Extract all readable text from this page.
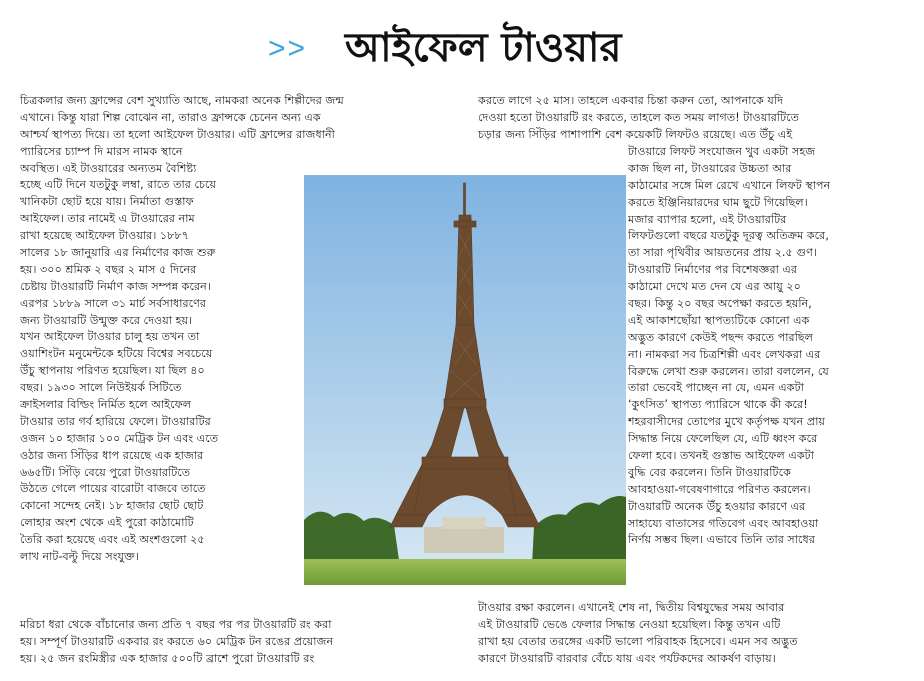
>> আইফেল টাওয়ার
চিত্রকলার জন্য ফ্রান্সের বেশ সুখ্যাতি আছে, নামকরা অনেক শিল্পীদের জন্ম
এখানে। কিন্তু যারা শিল্প বোঝেন না, তারাও ফ্রান্সকে চেনেন অন্য এক
আশ্চর্য স্থাপত্য দিয়ে। তা হলো আইফেল টাওয়ার। এটি ফ্রান্সের রাজধানী
প্যারিসের চ্যাম্প দি মারস নামক স্থানে
অবস্থিত। এই টাওয়ারের অন্যতম বৈশিষ্ট্য
হচ্ছে এটি দিনে যতটুকু লম্বা, রাতে তার চেয়ে
খানিকটা ছোট হয়ে যায়। নির্মাতা গুস্তাফ
আইফেল। তার নামেই এ টাওয়ারের নাম
রাখা হয়েছে আইফেল টাওয়ার। ১৮৮৭
সালের ১৮ জানুয়ারি এর নির্মাণের কাজ শুরু
হয়। ৩০০ শ্রমিক ২ বছর ২ মাস ৫ দিনের
চেষ্টায় টাওয়ারটি নির্মাণ কাজ সম্পন্ন করেন।
এরপর ১৮৮৯ সালে ৩১ মার্চ সর্বসাধারণের
জন্য টাওয়ারটি উন্মুক্ত করে দেওয়া হয়।
যখন আইফেল টাওয়ার চালু হয় তখন তা
ওয়াশিংটন মনুমেন্টকে হটিয়ে বিশ্বের সবচেয়ে
উঁচু স্থাপনায় পরিণত হয়েছিল। যা ছিল ৪০
বছর। ১৯৩০ সালে নিউইয়র্ক সিটিতে
ক্রাইসলার বিল্ডিং নির্মিত হলে আইফেল
টাওয়ার তার গর্ব হারিয়ে ফেলে। টাওয়ারটির
ওজন ১০ হাজার ১০০ মেট্রিক টন এবং এতে
ওঠার জন্য সিঁড়ির ধাপ রয়েছে এক হাজার
৬৬৫টি। সিঁড়ি বেয়ে পুরো টাওয়ারটিতে
উঠতে গেলে পায়ের বারোটা বাজবে তাতে
কোনো সন্দেহ নেই। ১৮ হাজার ছোট ছোট
লোহার অংশ থেকে এই পুরো কাঠামোটি
তৈরি করা হয়েছে এবং এই অংশগুলো ২৫
লাখ নাট-বল্টু দিয়ে সংযুক্ত।
করতে লাগে ২৫ মাস। তাহলে একবার চিন্তা করুন তো, আপনাকে যদি
দেওয়া হতো টাওয়ারটি রং করতে, তাহলে কত সময় লাগত! টাওয়ারটিতে
চড়ার জন্য সিঁড়ির পাশাপাশি বেশ কয়েকটি লিফটও রয়েছে। এত উঁচু এই
টাওয়ারে লিফট সংযোজন খুব একটা সহজ
কাজ ছিল না, টাওয়ারের উচ্চতা আর
কাঠামোর সঙ্গে মিল রেখে এখানে লিফট স্থাপন
করতে ইঞ্জিনিয়ারদের ঘাম ছুটে গিয়েছিল।
মজার ব্যাপার হলো, এই টাওয়ারটির
লিফটগুলো বছরে যতটুকু দূরত্ব অতিক্রম করে,
তা সারা পৃথিবীর আয়তনের প্রায় ২.৫ গুণ।
টাওয়ারটি নির্মাণের পর বিশেষজ্ঞরা এর
কাঠামো দেখে মত দেন যে এর আয়ু ২০
বছর। কিন্তু ২০ বছর অপেক্ষা করতে হয়নি,
এই আকাশছোঁয়া স্থাপত্যটিকে কোনো এক
অদ্ভুত কারণে কেউই পছন্দ করতে পারছিল
না। নামকরা সব চিত্রশিল্পী এবং লেখকরা এর
বিরুদ্ধে লেখা শুরু করলেন। তারা বললেন, যে
তারা ভেবেই পাচ্ছেন না যে, এমন একটা
‘কুৎসিত’ স্থাপত্য প্যারিসে থাকে কী করে!
শহরবাসীদের তোপের মুখে কর্তৃপক্ষ যখন প্রায়
সিদ্ধান্ত নিয়ে ফেলেছিল যে, এটি ধ্বংস করে
ফেলা হবে। তখনই গুস্তাভ আইফেল একটা
বুদ্ধি বের করলেন। তিনি টাওয়ারটিকে
আবহাওয়া-গবেষণাগারে পরিণত করলেন।
টাওয়ারটি অনেক উঁচু হওয়ার কারণে এর
সাহায্যে বাতাসের গতিবেগ এবং আবহাওয়া
নির্ণয় সম্ভব ছিল। এভাবে তিনি তার সাধের
টাওয়ার রক্ষা করলেন। এখানেই শেষ না, দ্বিতীয় বিশ্বযুদ্ধের সময় আবার
এই টাওয়ারটি ভেঙে ফেলার সিদ্ধান্ত নেওয়া হয়েছিল। কিন্তু তখন এটি
রাখা হয় বেতার তরঙ্গের একটি ভালো পরিবাহক হিসেবে। এমন সব অদ্ভুত
কারণে টাওয়ারটি বারবার বেঁচে যায় এবং পর্যটকদের আকর্ষণ বাড়ায়।
মরিচা ধরা থেকে বাঁচানোর জন্য প্রতি ৭ বছর পর পর টাওয়ারটি রং করা
হয়। সম্পূর্ণ টাওয়ারটি একবার রং করতে ৬০ মেট্রিক টন রঙের প্রয়োজন
হয়। ২৫ জন রংমিস্ত্রীর এক হাজার ৫০০টি ব্রাশে পুরো টাওয়ারটি রং
